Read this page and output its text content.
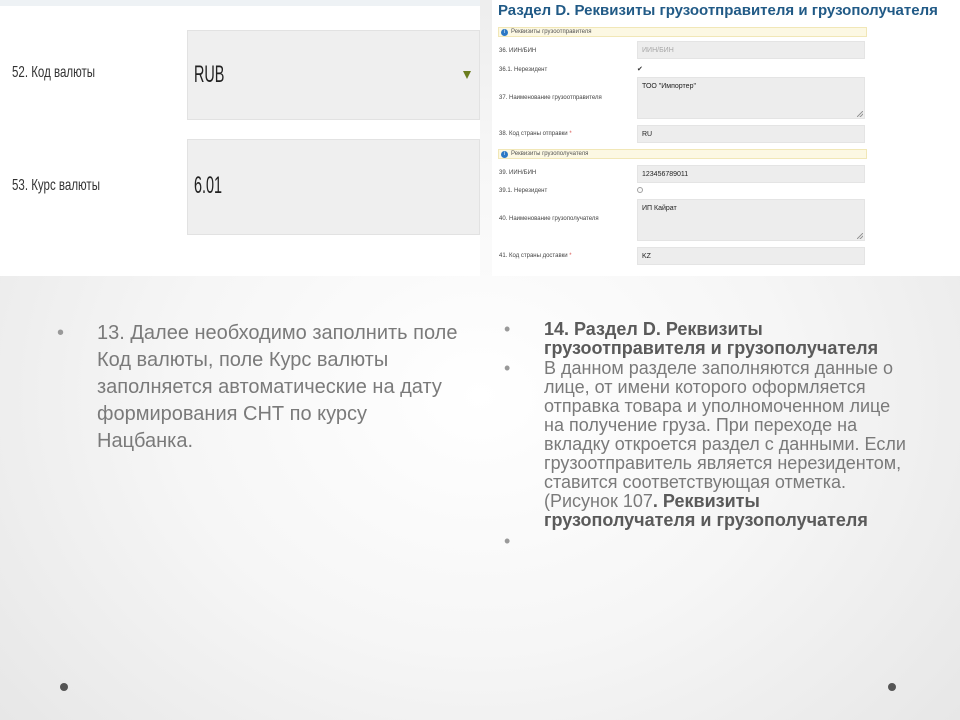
52. Код валюты	RUB
53. Курс валюты	6.01
Раздел D. Реквизиты грузоотправителя и грузополучателя
i Реквизиты грузоотправителя
36. ИИН/БИН	ИИН/БИН
36.1. Нерезидент	✔
37. Наименование грузоотправителя
ТОО "Импортер"
38. Код страны отправки *	RU
i Реквизиты грузополучателя
39. ИИН/БИН	123456789011
39.1. Нерезидент
40. Наименование грузополучателя
ИП Кайрат
41. Код страны доставки *	KZ
• 13. Далее необходимо заполнить поле Код валюты, поле Курс валюты заполняется автоматические на дату формирования СНТ по курсу Нацбанка.
• 14. Раздел D. Реквизиты грузоотправителя и грузополучателя
• В данном разделе заполняются данные о лице, от имени которого оформляется отправка товара и уполномоченном лице на получение груза. При переходе на вкладку откроется раздел с данными. Если грузоотправитель является нерезидентом, ставится соответствующая отметка. (Рисунок 107. Реквизиты грузополучателя и грузополучателя
•
